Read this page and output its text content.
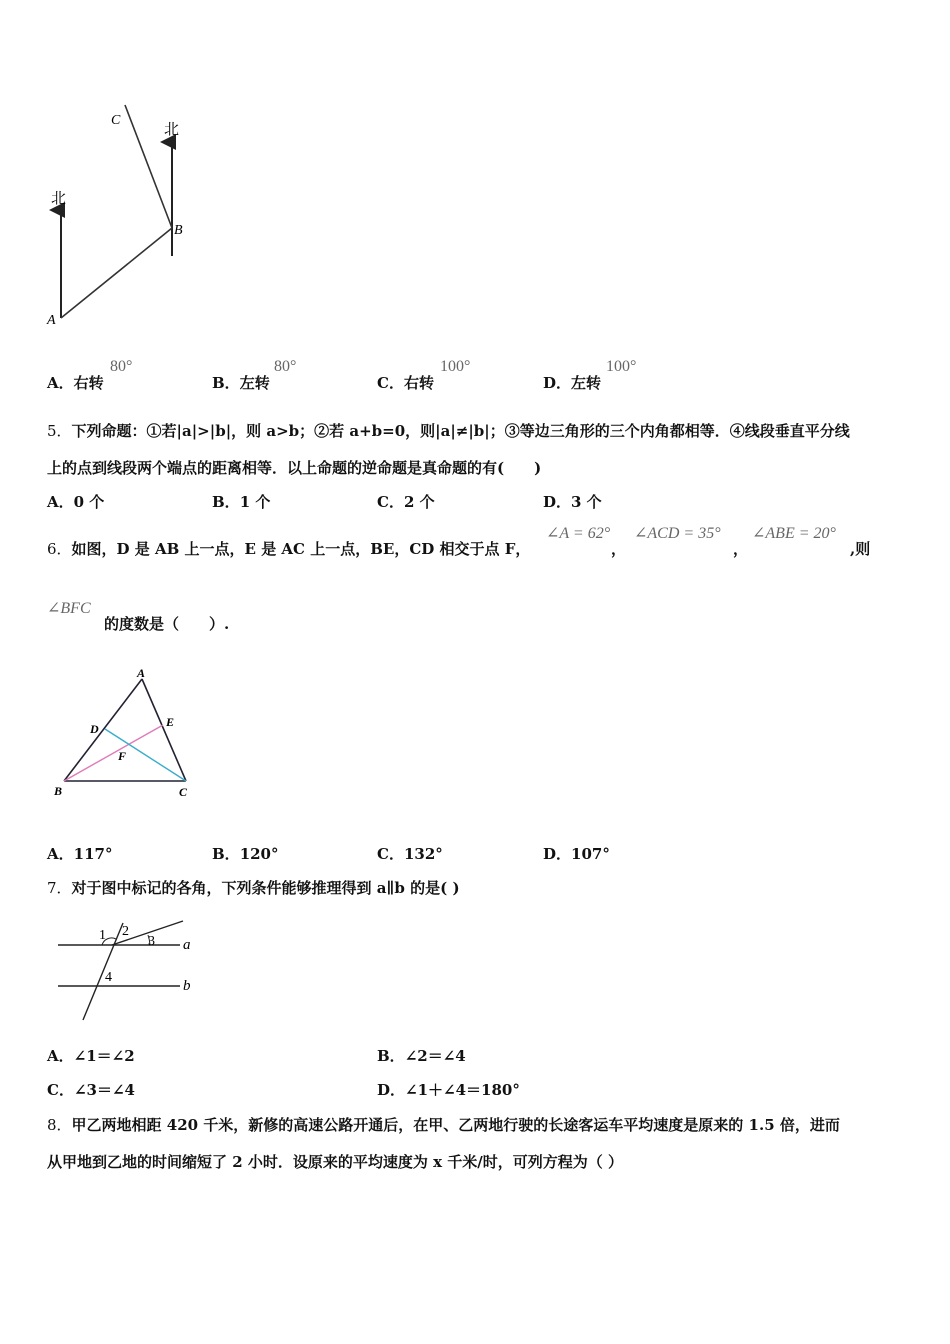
北
北
A
B
C
A．右转
80°
B．左转
80°
C．右转
100°
D．左转
100°
5．下列命题：①若|a|>|b|，则 a>b；②若 a+b=0，则|a|≠|b|；③等边三角形的三个内角都相等．④线段垂直平分线
上的点到线段两个端点的距离相等．以上命题的逆命题是真命题的有(　　)
A．0 个	B．1 个	C．2 个	D．3 个
6．如图，D 是 AB 上一点，E 是 AC 上一点，BE，CD 相交于点 F，
∠A = 62°
，
∠ACD = 35°
，
∠ABE = 20°
,则
∠BFC
的度数是（　　）.
A
B	C
D	E
F
A．117°	B．120°	C．132°	D．107°
7．对于图中标记的各角，下列条件能够推理得到 a∥b 的是( )
1 2
3
4
a
b
A．∠1＝∠2	B．∠2＝∠4
C．∠3＝∠4	D．∠1＋∠4＝180°
8．甲乙两地相距 420 千米，新修的高速公路开通后，在甲、乙两地行驶的长途客运车平均速度是原来的 1.5 倍，进而
从甲地到乙地的时间缩短了 2 小时．设原来的平均速度为 x 千米/时，可列方程为（ ）
